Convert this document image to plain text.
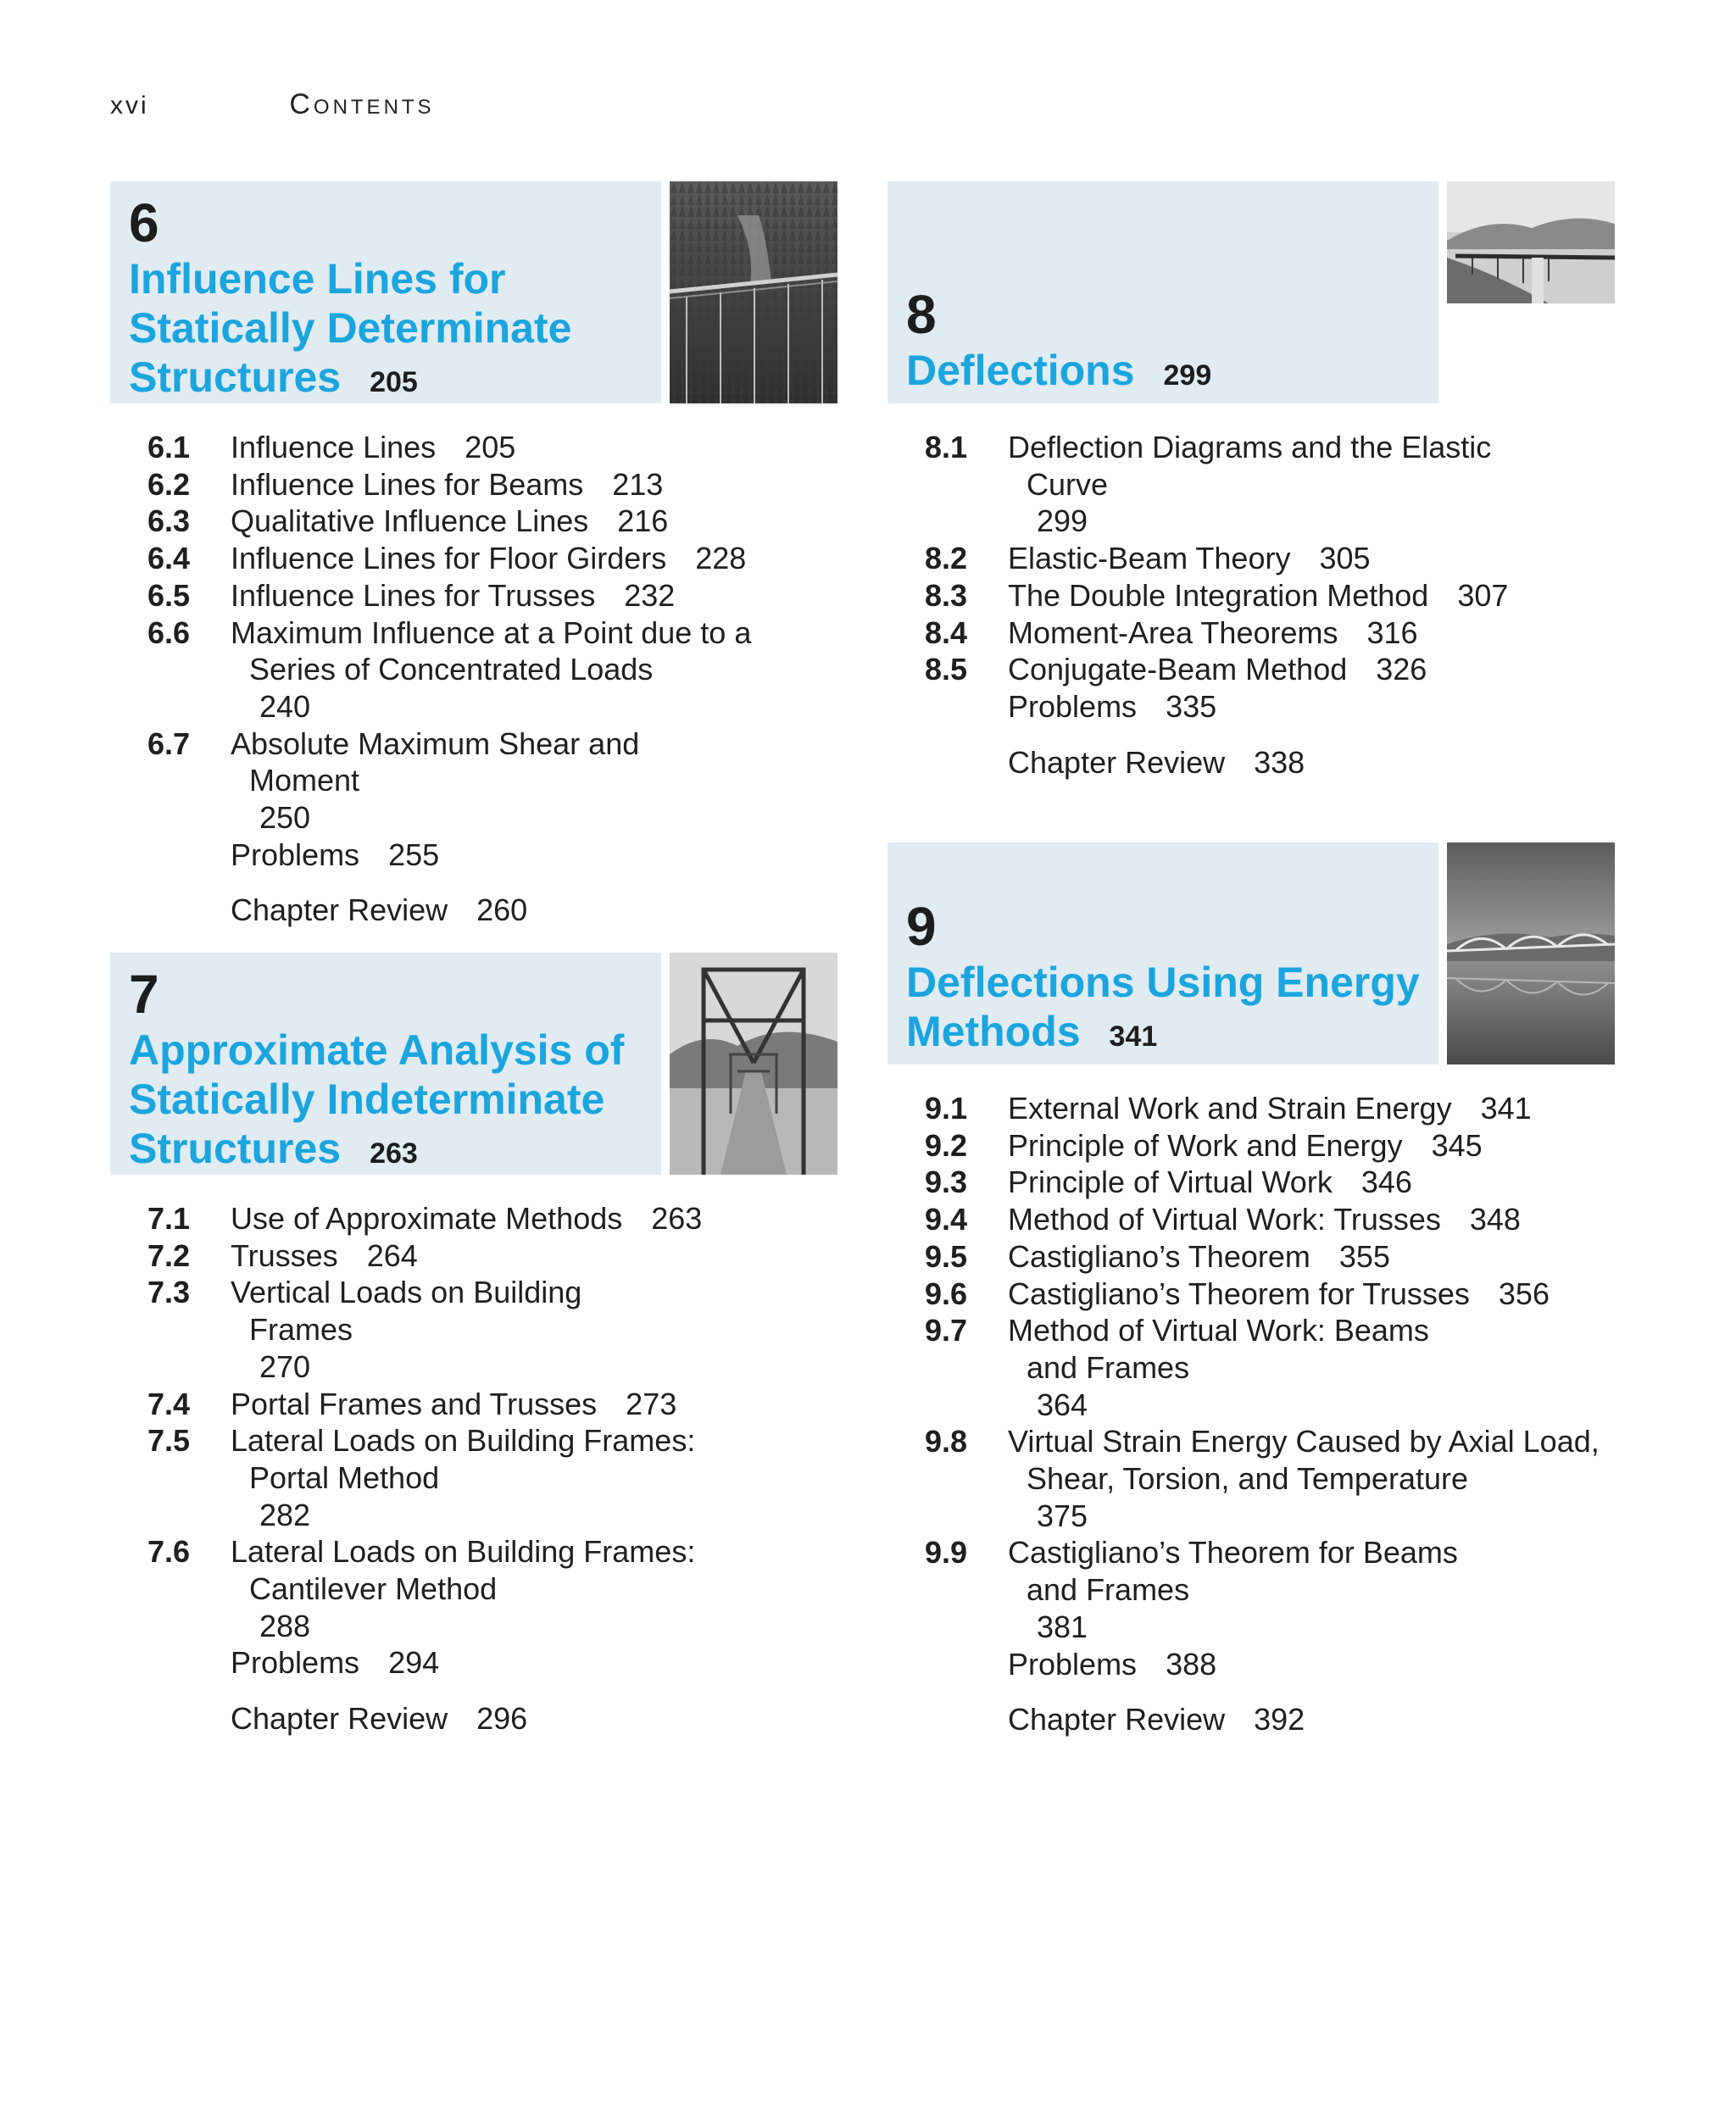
xvi	Contents
6
Influence Lines for
Statically Determinate
Structures 205
6.1	Influence Lines 205
6.2	Influence Lines for Beams 213
6.3	Qualitative Influence Lines 216
6.4	Influence Lines for Floor Girders 228
6.5	Influence Lines for Trusses 232
6.6	Maximum Influence at a Point due to a
Series of Concentrated Loads
240
6.7	Absolute Maximum Shear and
Moment
250
Problems 255
Chapter Review 260
7
Approximate Analysis of
Statically Indeterminate
Structures 263
7.1	Use of Approximate Methods 263
7.2	Trusses 264
7.3	Vertical Loads on Building
Frames
270
7.4	Portal Frames and Trusses 273
7.5	Lateral Loads on Building Frames:
Portal Method
282
7.6	Lateral Loads on Building Frames:
Cantilever Method
288
Problems 294
Chapter Review 296
8
Deflections 299
8.1	Deflection Diagrams and the Elastic
Curve
299
8.2	Elastic-Beam Theory 305
8.3	The Double Integration Method 307
8.4	Moment-Area Theorems 316
8.5	Conjugate-Beam Method 326
Problems 335
Chapter Review 338
9
Deflections Using Energy
Methods 341
9.1	External Work and Strain Energy 341
9.2	Principle of Work and Energy 345
9.3	Principle of Virtual Work 346
9.4	Method of Virtual Work: Trusses 348
9.5	Castigliano’s Theorem 355
9.6	Castigliano’s Theorem for Trusses 356
9.7	Method of Virtual Work: Beams
and Frames
364
9.8	Virtual Strain Energy Caused by Axial Load,
Shear, Torsion, and Temperature
375
9.9	Castigliano’s Theorem for Beams
and Frames
381
Problems 388
Chapter Review 392
